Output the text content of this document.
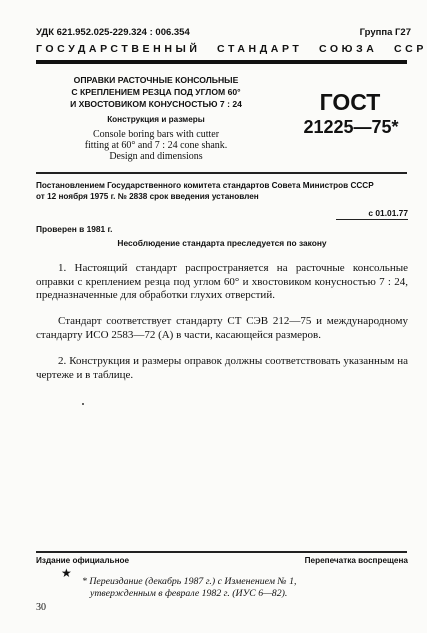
УДК 621.952.025-229.324 : 006.354	Группа Г27
ГОСУДАРСТВЕННЫЙ СТАНДАРТ СОЮЗА ССР
ОПРАВКИ РАСТОЧНЫЕ КОНСОЛЬНЫЕ
С КРЕПЛЕНИЕМ РЕЗЦА ПОД УГЛОМ 60°
И ХВОСТОВИКОМ КОНУСНОСТЬЮ 7 : 24
Конструкция и размеры
Console boring bars with cutter
fitting at 60° and 7 : 24 cone shank.
Design and dimensions
ГОСТ
21225—75*
Постановлением Государственного комитета стандартов Совета Министров СССР
от 12 ноября 1975 г. № 2838 срок введения установлен
с 01.01.77
Проверен в 1981 г.
Несоблюдение стандарта преследуется по закону
1. Настоящий стандарт распространяется на расточные консольные оправки с креплением резца под углом 60° и хвостовиком конусностью 7 : 24, предназначенные для обработки глухих отверстий.
Стандарт соответствует стандарту СТ СЭВ 212—75 и международному стандарту ИСО 2583—72 (А) в части, касающейся размеров.
2. Конструкция и размеры оправок должны соответствовать указанным на чертеже и в таблице.
Издание официальное	Перепечатка воспрещена
★
* Переиздание (декабрь 1987 г.) с Изменением № 1,
утвержденным в феврале 1982 г. (ИУС 6—82).
30
